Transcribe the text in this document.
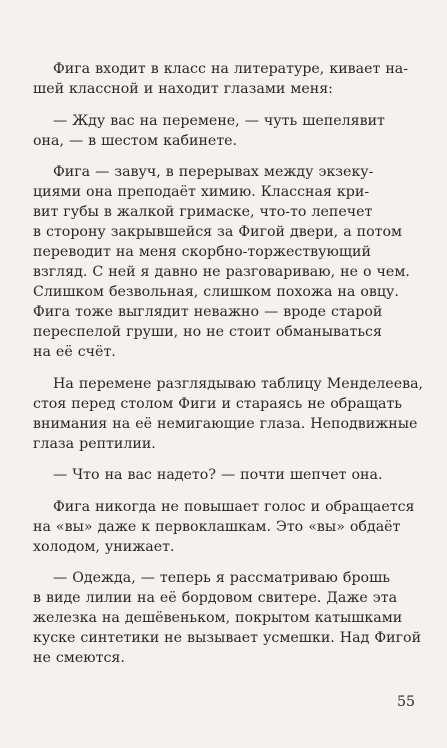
Фига входит в класс на литературе, кивает на-
шей классной и находит глазами меня:

— Жду вас на перемене, — чуть шепелявит
она, — в шестом кабинете.

Фига — завуч, в перерывах между экзеку-
циями она преподаёт химию. Классная кри-
вит губы в жалкой гримаске, что-то лепечет
в сторону закрывшейся за Фигой двери, а потом
переводит на меня скорбно-торжествующий
взгляд. С ней я давно не разговариваю, не о чем.
Слишком безвольная, слишком похожа на овцу.
Фига тоже выглядит неважно — вроде старой
переспелой груши, но не стоит обманываться
на её счёт.

На перемене разглядываю таблицу Менделеева,
стоя перед столом Фиги и стараясь не обращать
внимания на её немигающие глаза. Неподвижные
глаза рептилии.

— Что на вас надето? — почти шепчет она.

Фига никогда не повышает голос и обращается
на «вы» даже к первоклашкам. Это «вы» обдаёт
холодом, унижает.

— Одежда, — теперь я рассматриваю брошь
в виде лилии на её бордовом свитере. Даже эта
железка на дешёвеньком, покрытом катышками
куске синтетики не вызывает усмешки. Над Фигой
не смеются.

55
